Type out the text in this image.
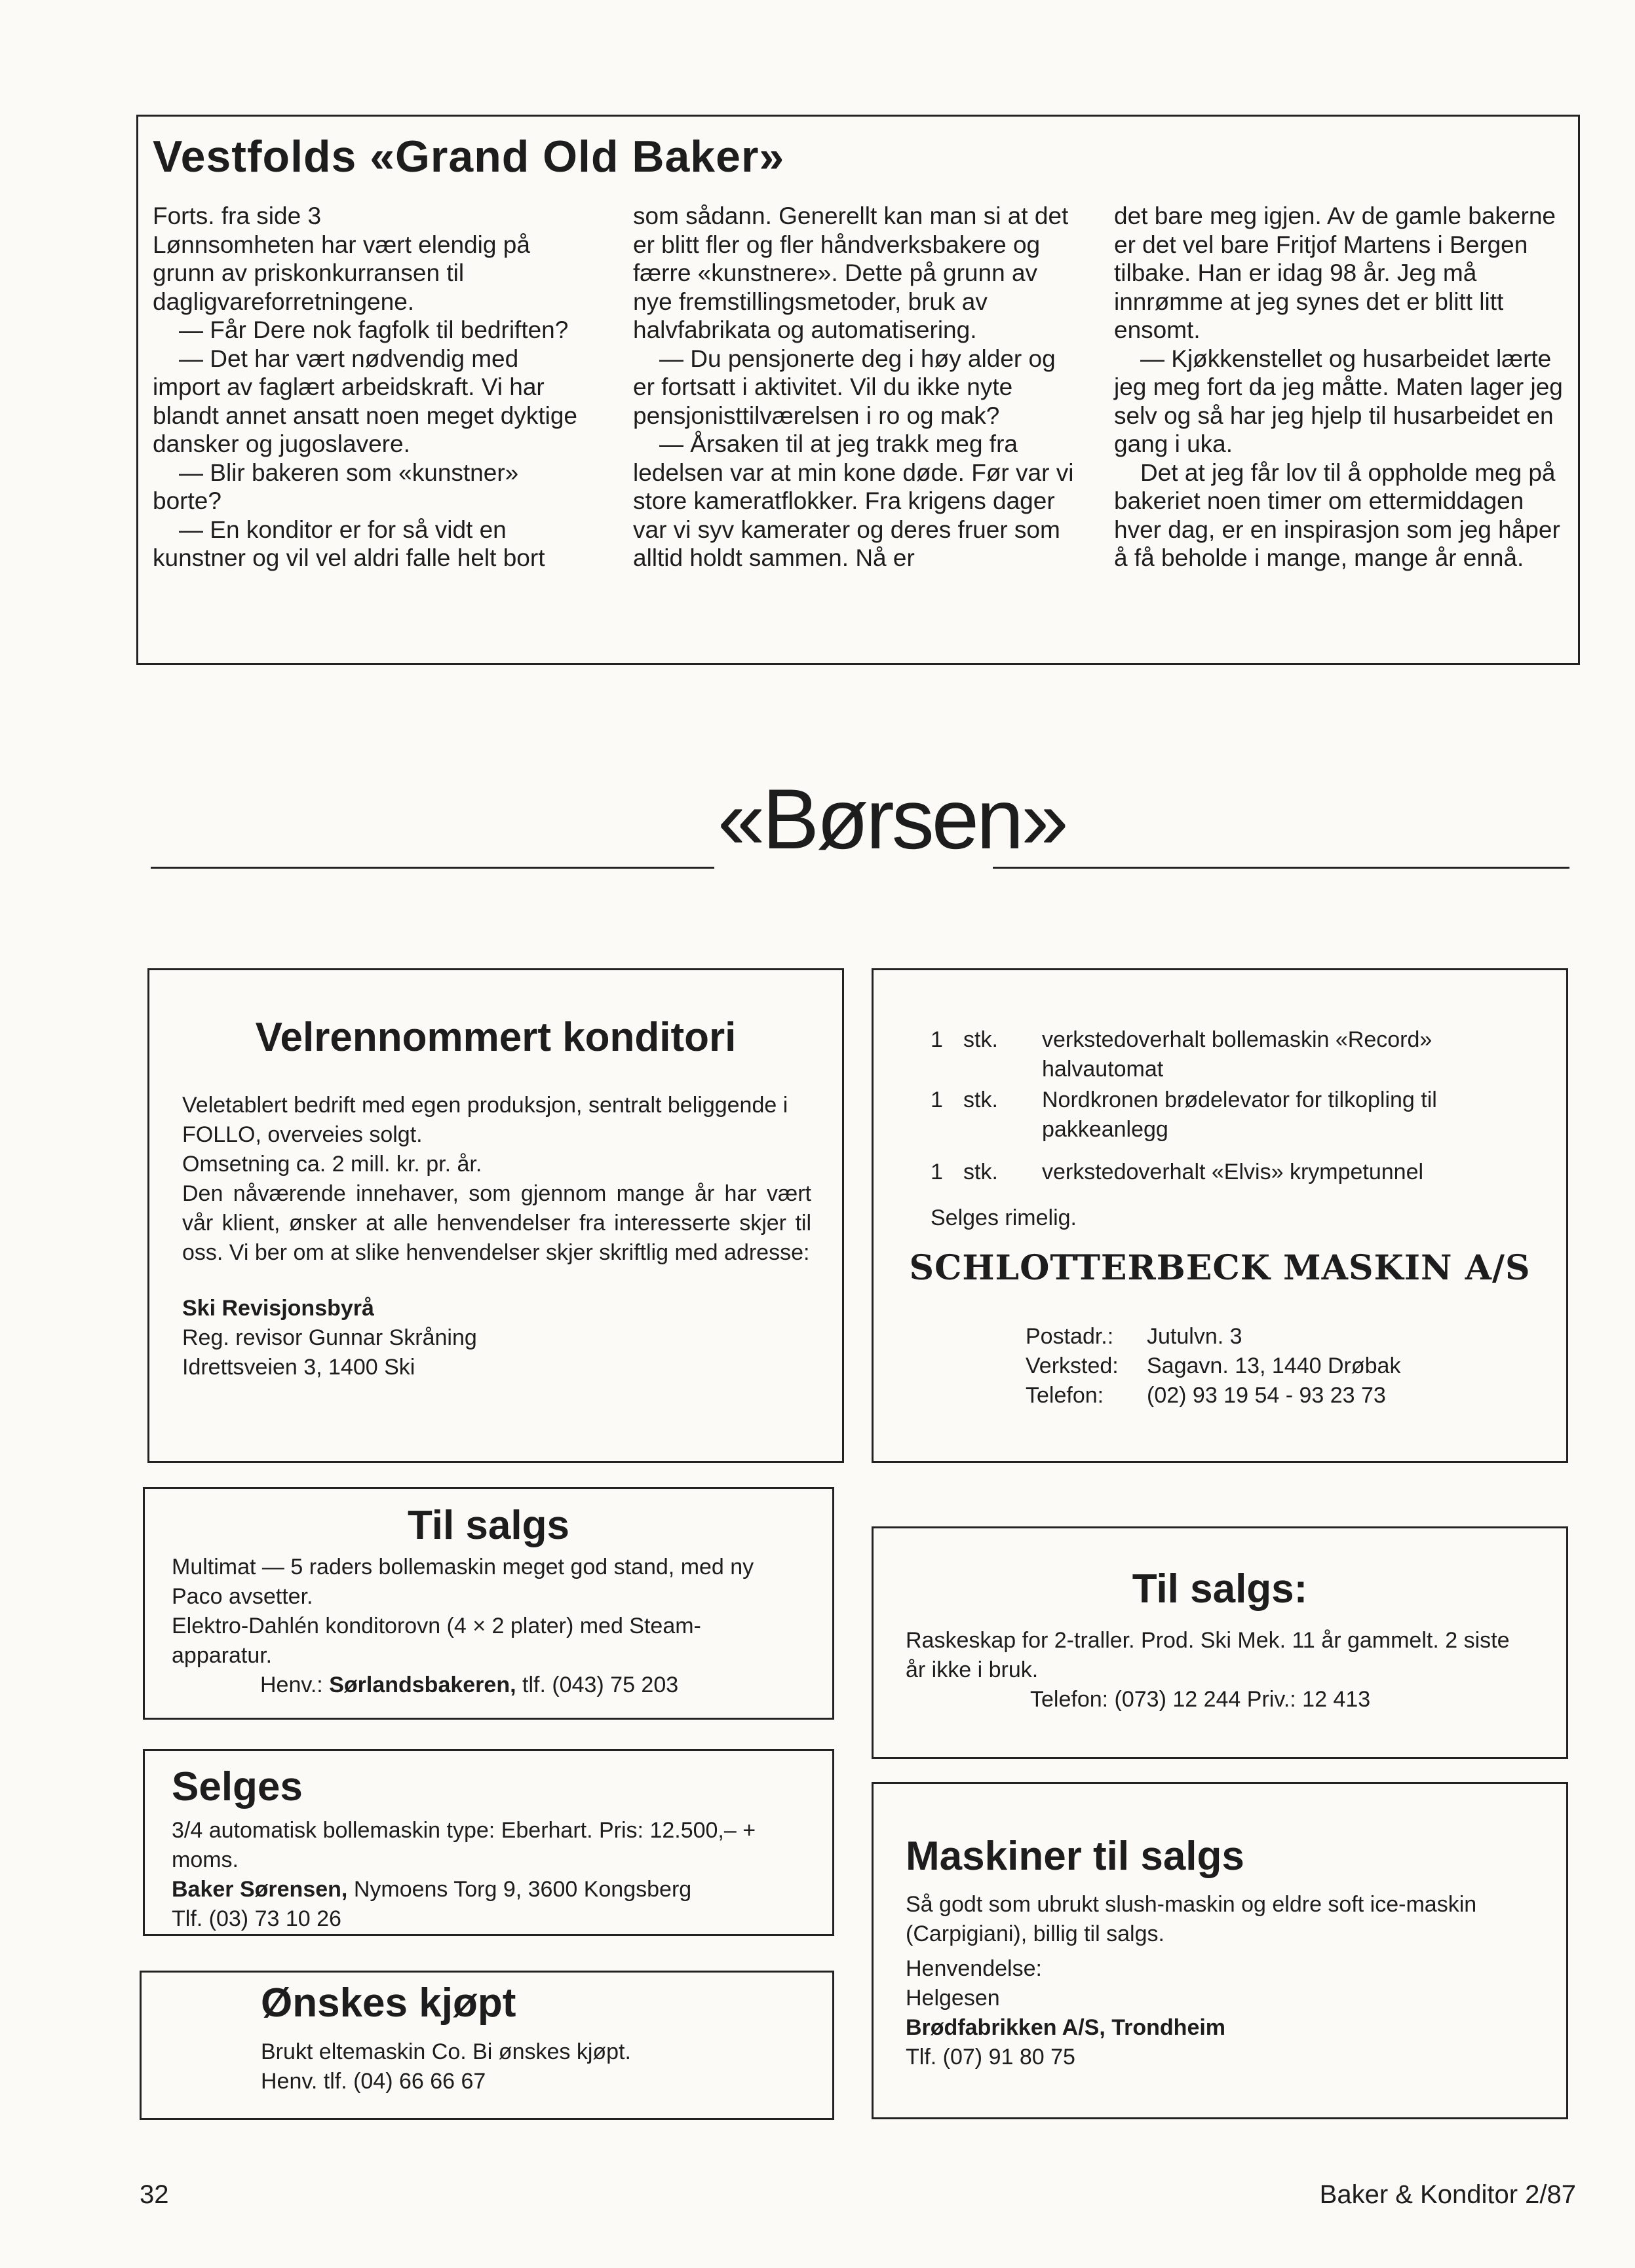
Vestfolds «Grand Old Baker»

Forts. fra side 3

Lønnsomheten har vært elendig på grunn av priskonkurransen til dagligvareforretningene.

— Får Dere nok fagfolk til bedriften?

— Det har vært nødvendig med import av faglært arbeidskraft. Vi har blandt annet ansatt noen meget dyktige dansker og jugoslavere.

— Blir bakeren som «kunstner» borte?

— En konditor er for så vidt en kunstner og vil vel aldri falle helt bort

som sådann. Generellt kan man si at det er blitt fler og fler håndverksbakere og færre «kunstnere». Dette på grunn av nye fremstillingsmetoder, bruk av halvfabrikata og automatisering.

— Du pensjonerte deg i høy alder og er fortsatt i aktivitet. Vil du ikke nyte pensjonisttilværelsen i ro og mak?

— Årsaken til at jeg trakk meg fra ledelsen var at min kone døde. Før var vi store kameratflokker. Fra krigens dager var vi syv kamerater og deres fruer som alltid holdt sammen. Nå er

det bare meg igjen. Av de gamle bakerne er det vel bare Fritjof Martens i Bergen tilbake. Han er idag 98 år. Jeg må innrømme at jeg synes det er blitt litt ensomt.

— Kjøkkenstellet og husarbeidet lærte jeg meg fort da jeg måtte. Maten lager jeg selv og så har jeg hjelp til husarbeidet en gang i uka.

Det at jeg får lov til å oppholde meg på bakeriet noen timer om ettermiddagen hver dag, er en inspirasjon som jeg håper å få beholde i mange, mange år ennå.

«Børsen»
Velrennommert konditori

Veletablert bedrift med egen produksjon, sentralt beliggende i FOLLO, overveies solgt.

Omsetning ca. 2 mill. kr. pr. år.

Den nåværende innehaver, som gjennom mange år har vært vår klient, ønsker at alle henvendelser fra interesserte skjer til oss. Vi ber om at slike henvendelser skjer skriftlig med adresse:

Ski Revisjonsbyrå

Reg. revisor Gunnar Skråning

Idrettsveien 3, 1400 Ski

1 stk.	verkstedoverhalt bollemaskin «Record» halvautomat
1 stk.	Nordkronen brødelevator for tilkopling til pakkeanlegg
1 stk.	verkstedoverhalt «Elvis» krympetunnel

Selges rimelig.

SCHLOTTERBECK MASKIN A/S
Postadr.:	Jutulvn. 3
Verksted:	Sagavn. 13, 1440 Drøbak
Telefon:	(02) 93 19 54 - 93 23 73
Til salgs

Multimat — 5 raders bollemaskin meget god stand, med ny Paco avsetter.

Elektro-Dahlén konditorovn (4 × 2 plater) med Steam-apparatur.

Henv.: Sørlandsbakeren, tlf. (043) 75 203

Til salgs:

Raskeskap for 2-traller. Prod. Ski Mek. 11 år gammelt. 2 siste år ikke i bruk.

Telefon: (073) 12 244 Priv.: 12 413

Selges

3/4 automatisk bollemaskin type: Eberhart. Pris: 12.500,– + moms.

Baker Sørensen, Nymoens Torg 9, 3600 Kongsberg

Tlf. (03) 73 10 26

Maskiner til salgs

Så godt som ubrukt slush-maskin og eldre soft ice-maskin (Carpigiani), billig til salgs.

Henvendelse:

Helgesen

Brødfabrikken A/S, Trondheim

Tlf. (07) 91 80 75

Ønskes kjøpt

Brukt eltemaskin Co. Bi ønskes kjøpt.

Henv. tlf. (04) 66 66 67

32	Baker & Konditor 2/87
